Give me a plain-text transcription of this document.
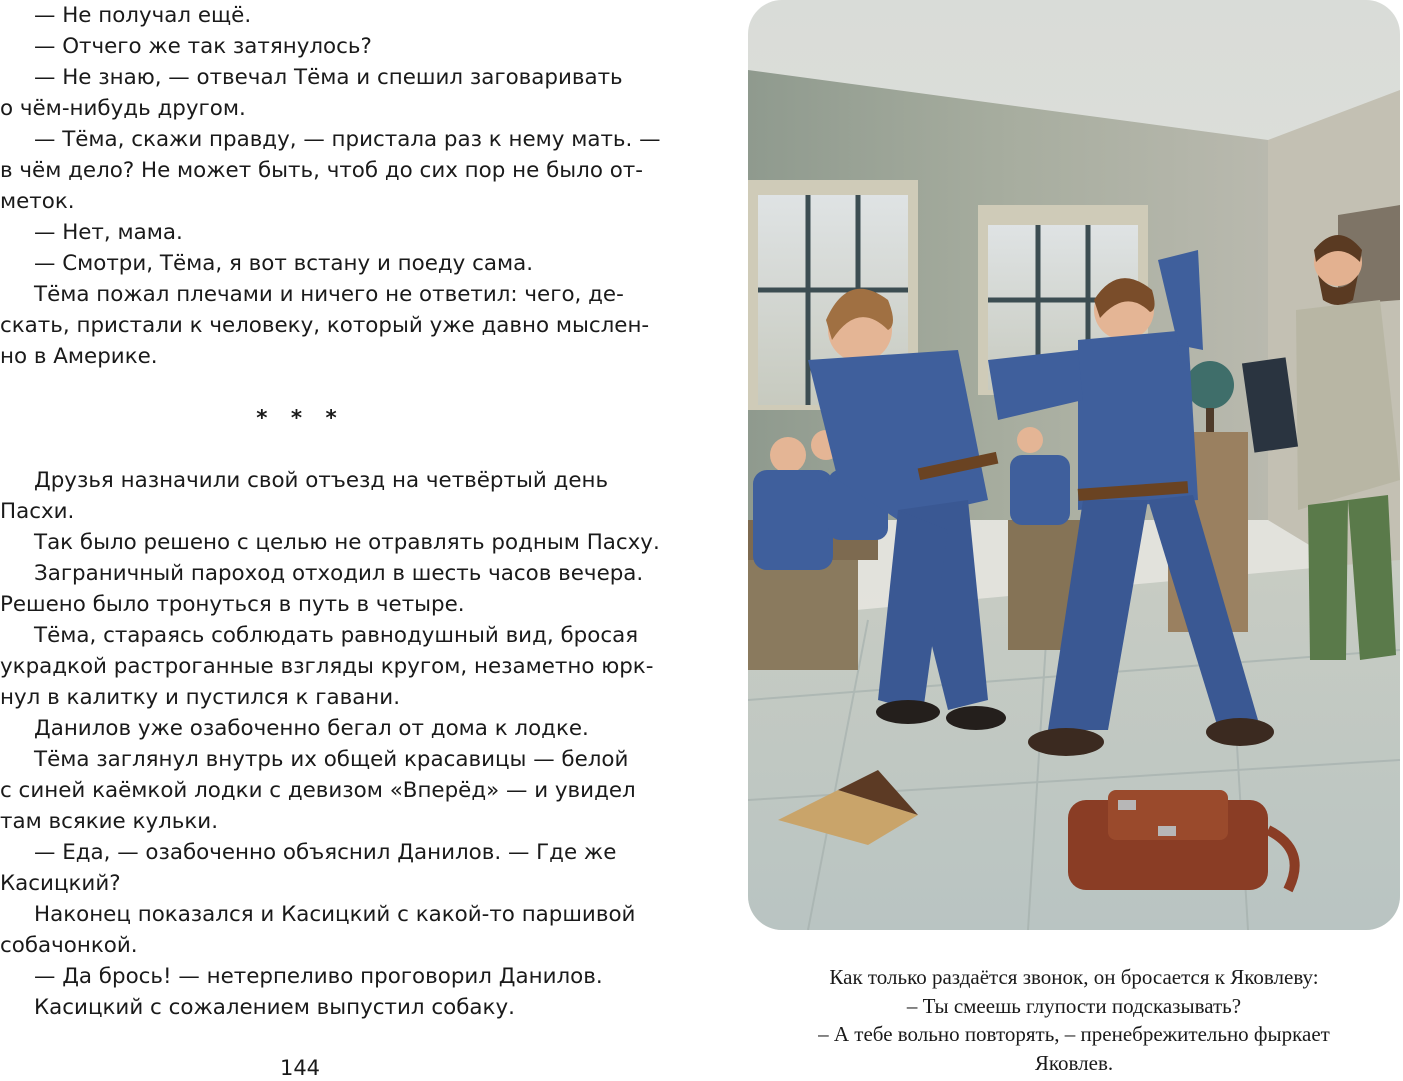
— Не получал ещё.
— Отчего же так затянулось?
— Не знаю, — отвечал Тёма и спешил заговаривать
о чём-нибудь другом.
— Тёма, скажи правду, — пристала раз к нему мать. —
в чём дело? Не может быть, чтоб до сих пор не было от-
меток.
— Нет, мама.
— Смотри, Тёма, я вот встану и поеду сама.
Тёма пожал плечами и ничего не ответил: чего, де-
скать, пристали к человеку, который уже давно мыслен-
но в Америке.
* * *
Друзья назначили свой отъезд на четвёртый день
Пасхи.
Так было решено с целью не отравлять родным Пасху.
Заграничный пароход отходил в шесть часов вечера.
Решено было тронуться в путь в четыре.
Тёма, стараясь соблюдать равнодушный вид, бросая
украдкой растроганные взгляды кругом, незаметно юрк-
нул в калитку и пустился к гавани.
Данилов уже озабоченно бегал от дома к лодке.
Тёма заглянул внутрь их общей красавицы — белой
с синей каёмкой лодки с девизом «Вперёд» — и увидел
там всякие кульки.
— Еда, — озабоченно объяснил Данилов. — Где же
Касицкий?
Наконец показался и Касицкий с какой-то паршивой
собачонкой.
— Да брось! — нетерпеливо проговорил Данилов.
Касицкий с сожалением выпустил собаку.
144
Как только раздаётся звонок, он бросается к Яковлеву:
– Ты смеешь глупости подсказывать?
– А тебе вольно повторять, – пренебрежительно фыркает
Яковлев.
